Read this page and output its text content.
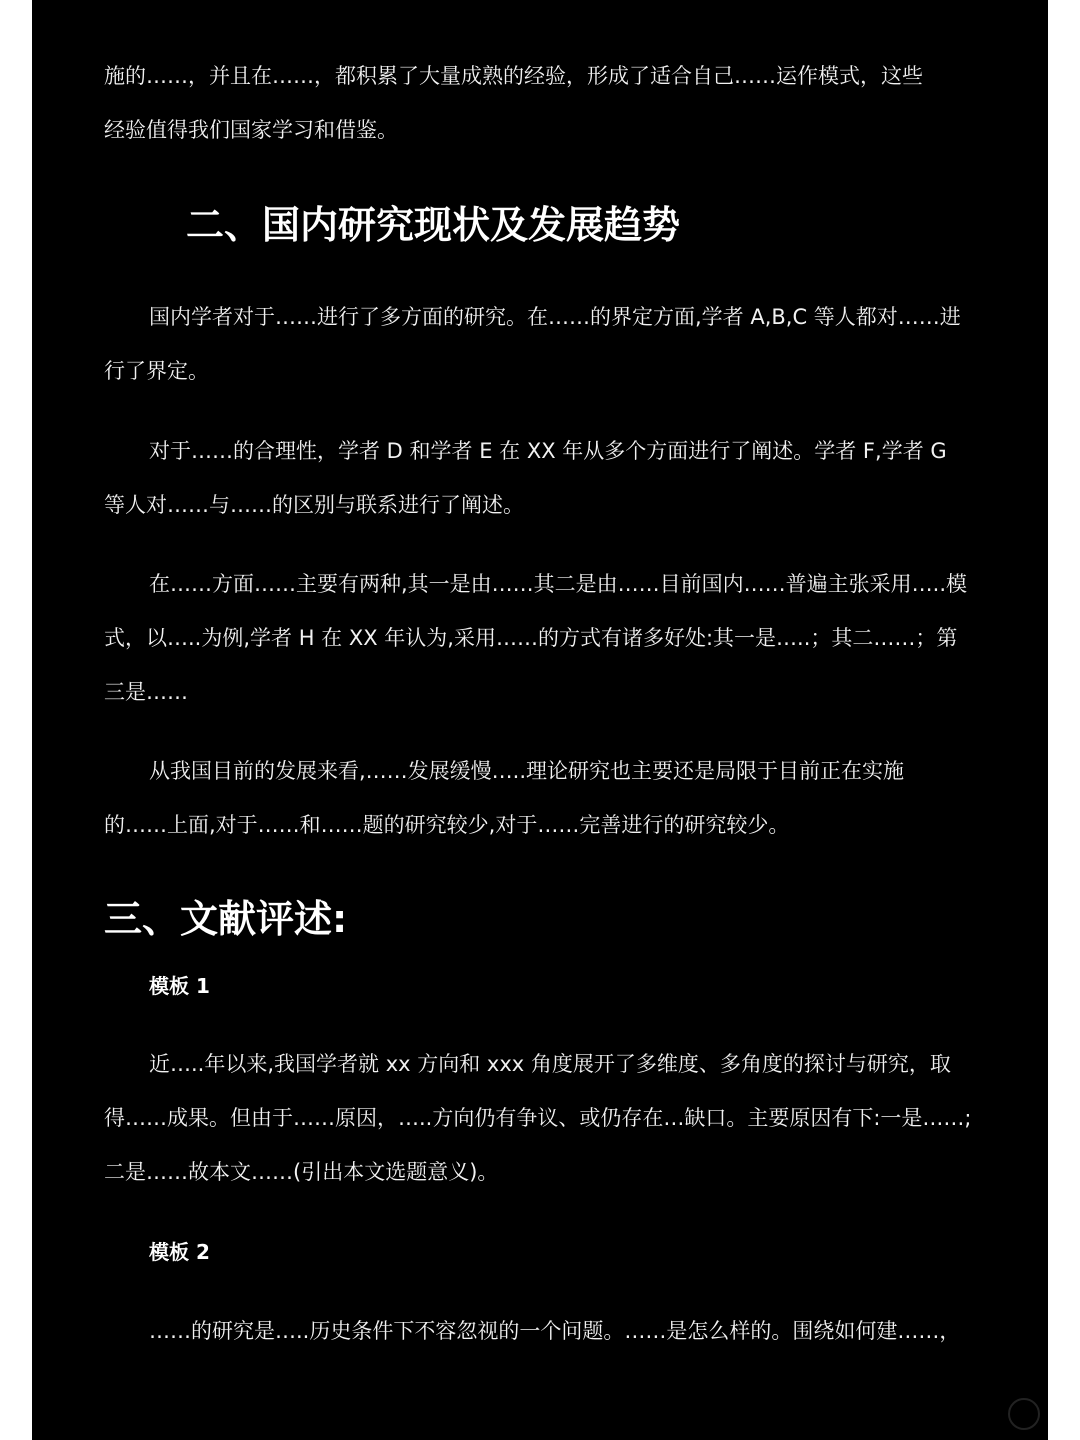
施的……，并且在……，都积累了大量成熟的经验，形成了适合自己……运作模式，这些

经验值得我们国家学习和借鉴。

二、国内研究现状及发展趋势

国内学者对于……进行了多方面的研究。在……的界定方面,学者 A,B,C 等人都对……进

行了界定。

对于……的合理性，学者 D 和学者 E 在 XX 年从多个方面进行了阐述。学者 F,学者 G

等人对……与……的区别与联系进行了阐述。

在……方面……主要有两种,其一是由……其二是由……目前国内……普遍主张采用…..模

式，以…..为例,学者 H 在 XX 年认为,采用……的方式有诸多好处:其一是…..；其二……；第

三是……

从我国目前的发展来看,……发展缓慢…..理论研究也主要还是局限于目前正在实施

的……上面,对于……和……题的研究较少,对于……完善进行的研究较少。

三、文献评述:
模板 1

近…..年以来,我国学者就 xx 方向和 xxx 角度展开了多维度、多角度的探讨与研究，取

得……成果。但由于……原因，…..方向仍有争议、或仍存在…缺口。主要原因有下:一是……;

二是……故本文……(引出本文选题意义)。

模板 2

……的研究是…..历史条件下不容忽视的一个问题。……是怎么样的。围绕如何建……，
